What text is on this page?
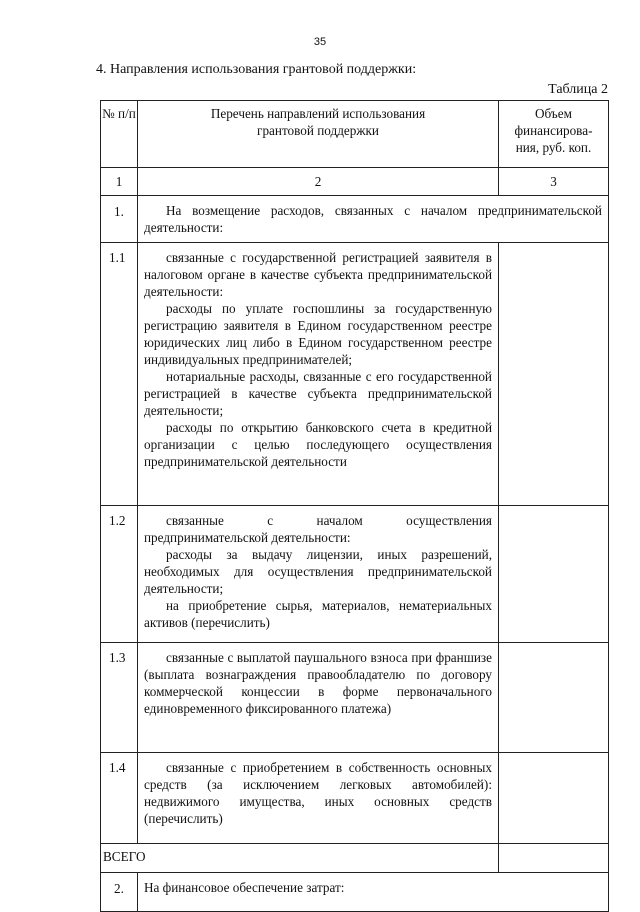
35
4. Направления использования грантовой поддержки:
Таблица 2
№ п/п	Перечень направлений использования грантовой поддержки	Объем финансирова-ния, руб. коп.
1	2	3
1.	На возмещение расходов, связанных с началом предпринимательской деятельности:	

1.1	связанные с государственной регистрацией заявителя в налоговом органе в качестве субъекта предпринимательской деятельности:

расходы по уплате госпошлины за государственную регистрацию заявителя в Едином государственном реестре юридических лиц либо в Едином государственном реестре индивидуальных предпринимателей;

нотариальные расходы, связанные с его государственной регистрацией в качестве субъекта предпринимательской деятельности;

расходы по открытию банковского счета в кредитной организации с целью последующего осуществления предпринимательской деятельности	

1.2	связанные с началом осуществления предпринимательской деятельности:

расходы за выдачу лицензии, иных разрешений, необходимых для осуществления предпринимательской деятельности;

на приобретение сырья, материалов, нематериальных активов (перечислить)	

1.3	связанные с выплатой паушального взноса при франшизе (выплата вознаграждения правообладателю по договору коммерческой концессии в форме первоначального единовременного фиксированного платежа)	

1.4	связанные с приобретением в собственность основных средств (за исключением легковых автомобилей): недвижимого имущества, иных основных средств (перечислить)	

ВСЕГО		
2.	На финансовое обеспечение затрат:	
